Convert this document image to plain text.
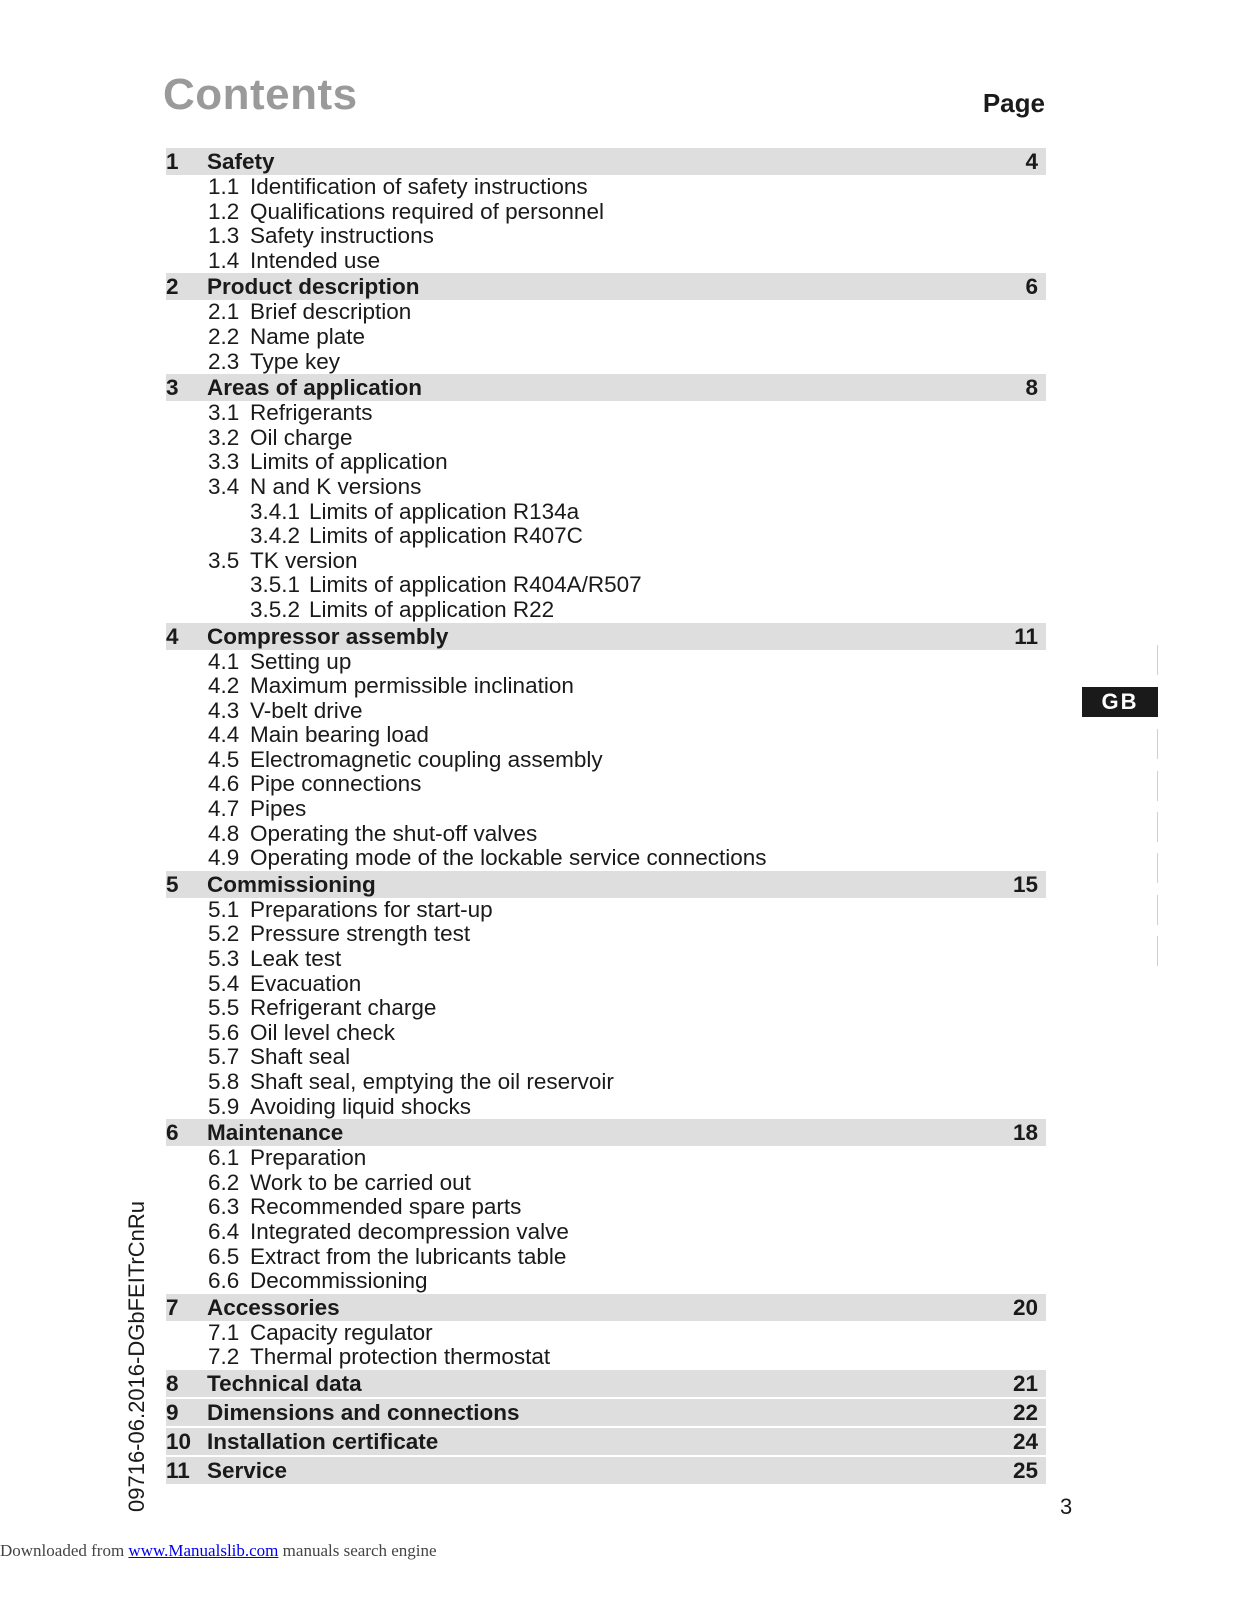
Contents	Page
1	Safety	4
1.1 Identification of safety instructions
1.2 Qualifications required of personnel
1.3 Safety instructions
1.4 Intended use
2	Product description	6
2.1 Brief description
2.2 Name plate
2.3 Type key
3	Areas of application	8
3.1 Refrigerants
3.2 Oil charge
3.3 Limits of application
3.4 N and K versions
3.4.1 Limits of application R134a
3.4.2 Limits of application R407C
3.5 TK version
3.5.1 Limits of application R404A/R507
3.5.2 Limits of application R22
4	Compressor assembly	11
4.1 Setting up
4.2 Maximum permissible inclination
4.3 V-belt drive
4.4 Main bearing load
4.5 Electromagnetic coupling assembly
4.6 Pipe connections
4.7 Pipes
4.8 Operating the shut-off valves
4.9 Operating mode of the lockable service connections
5	Commissioning	15
5.1 Preparations for start-up
5.2 Pressure strength test
5.3 Leak test
5.4 Evacuation
5.5 Refrigerant charge
5.6 Oil level check
5.7 Shaft seal
5.8 Shaft seal, emptying the oil reservoir
5.9 Avoiding liquid shocks
6	Maintenance	18
6.1 Preparation
6.2 Work to be carried out
6.3 Recommended spare parts
6.4 Integrated decompression valve
6.5 Extract from the lubricants table
6.6 Decommissioning
7	Accessories	20
7.1 Capacity regulator
7.2 Thermal protection thermostat
8	Technical data	21
9	Dimensions and connections	22
10 Installation certificate	24
11 Service	25
GB
09716-06.2016-DGbFEITrCnRu	3
Downloaded from www.Manualslib.com manuals search engine
